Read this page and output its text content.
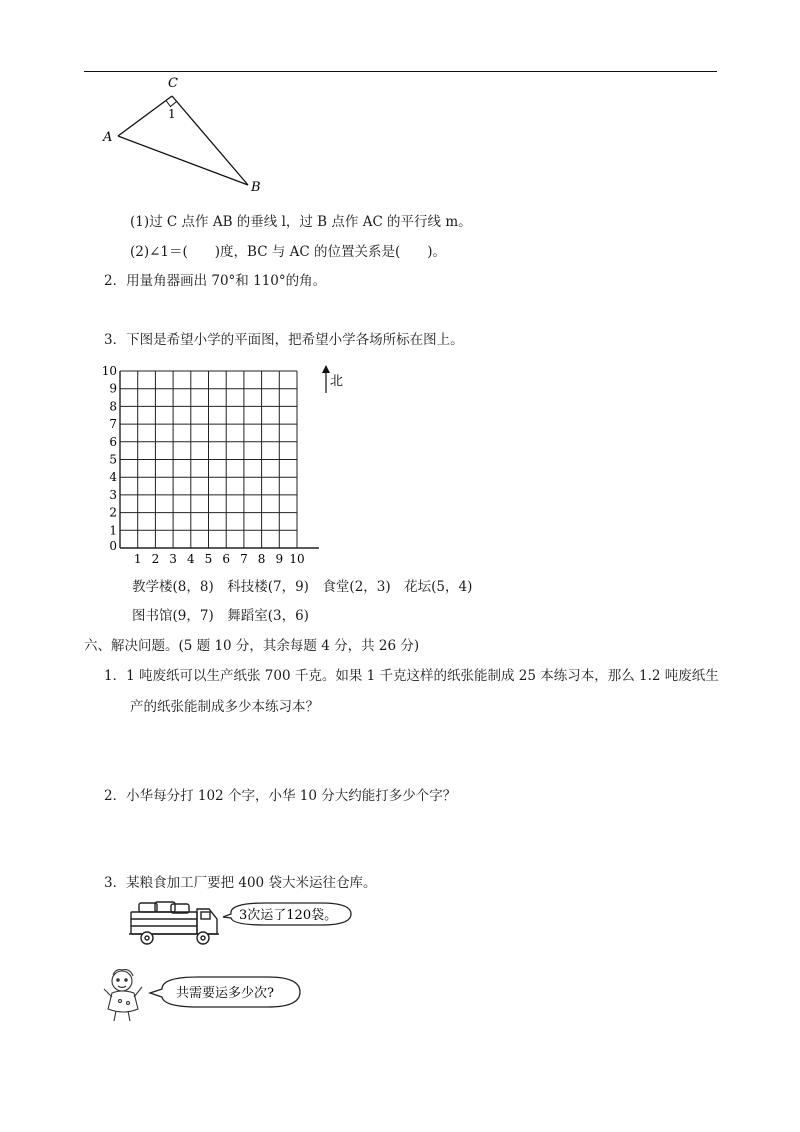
C
A
B
1
(1)过 C 点作 AB 的垂线 l，过 B 点作 AC 的平行线 m。
(2)∠1＝(　　)度，BC 与 AC 的位置关系是(　　)。
2．用量角器画出 70°和 110°的角。
3．下图是希望小学的平面图，把希望小学各场所标在图上。
1 2 3 4 5 6 7 8 9 10
0
1
2
3
4
5
6
7
8
9
10
北
教学楼(8，8)　科技楼(7，9)　食堂(2，3)　花坛(5，4)
图书馆(9，7)　舞蹈室(3，6)
六、解决问题。(5 题 10 分，其余每题 4 分，共 26 分)
1．1 吨废纸可以生产纸张 700 千克。如果 1 千克这样的纸张能制成 25 本练习本，那么 1.2 吨废纸生
产的纸张能制成多少本练习本？
2．小华每分打 102 个字，小华 10 分大约能打多少个字？
3．某粮食加工厂要把 400 袋大米运往仓库。
3次运了120袋。
共需要运多少次?
